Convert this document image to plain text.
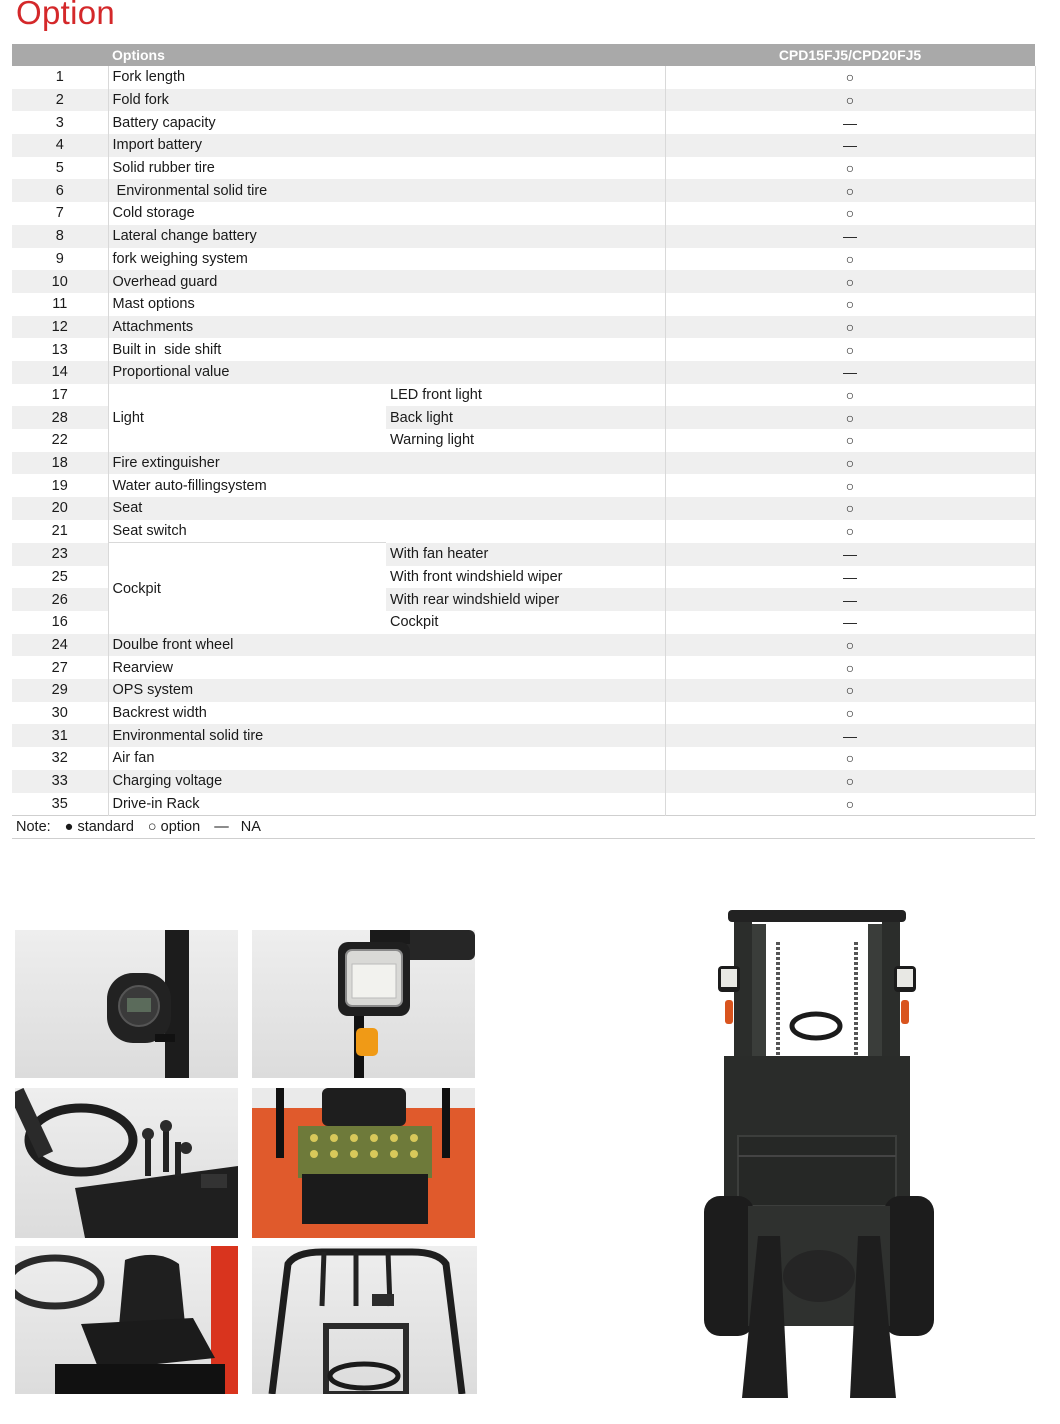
Option
	Options		CPD15FJ5/CPD20FJ5
1	Fork length		○
2	Fold fork		○
3	Battery capacity		—
4	Import battery		—
5	Solid rubber tire		○
6	Environmental solid tire		○
7	Cold storage		○
8	Lateral change battery		—
9	fork weighing system		○
10	Overhead guard		○
11	Mast options		○
12	Attachments		○
13	Built in  side shift		○
14	Proportional value		—
17	Light	LED front light	○
28		Back light	○
22		Warning light	○
18	Fire extinguisher		○
19	Water auto-fillingsystem		○
20	Seat		○
21	Seat switch		○
23	Cockpit	With fan heater	—
25		With front windshield wiper	—
26		With rear windshield wiper	—
16		Cockpit	—
24	Doulbe front wheel		○
27	Rearview		○
29	OPS system		○
30	Backrest width		○
31	Environmental solid tire		—
32	Air fan		○
33	Charging voltage		○
35	Drive-in Rack		○
Note: ● standard ○ option —   NA			
